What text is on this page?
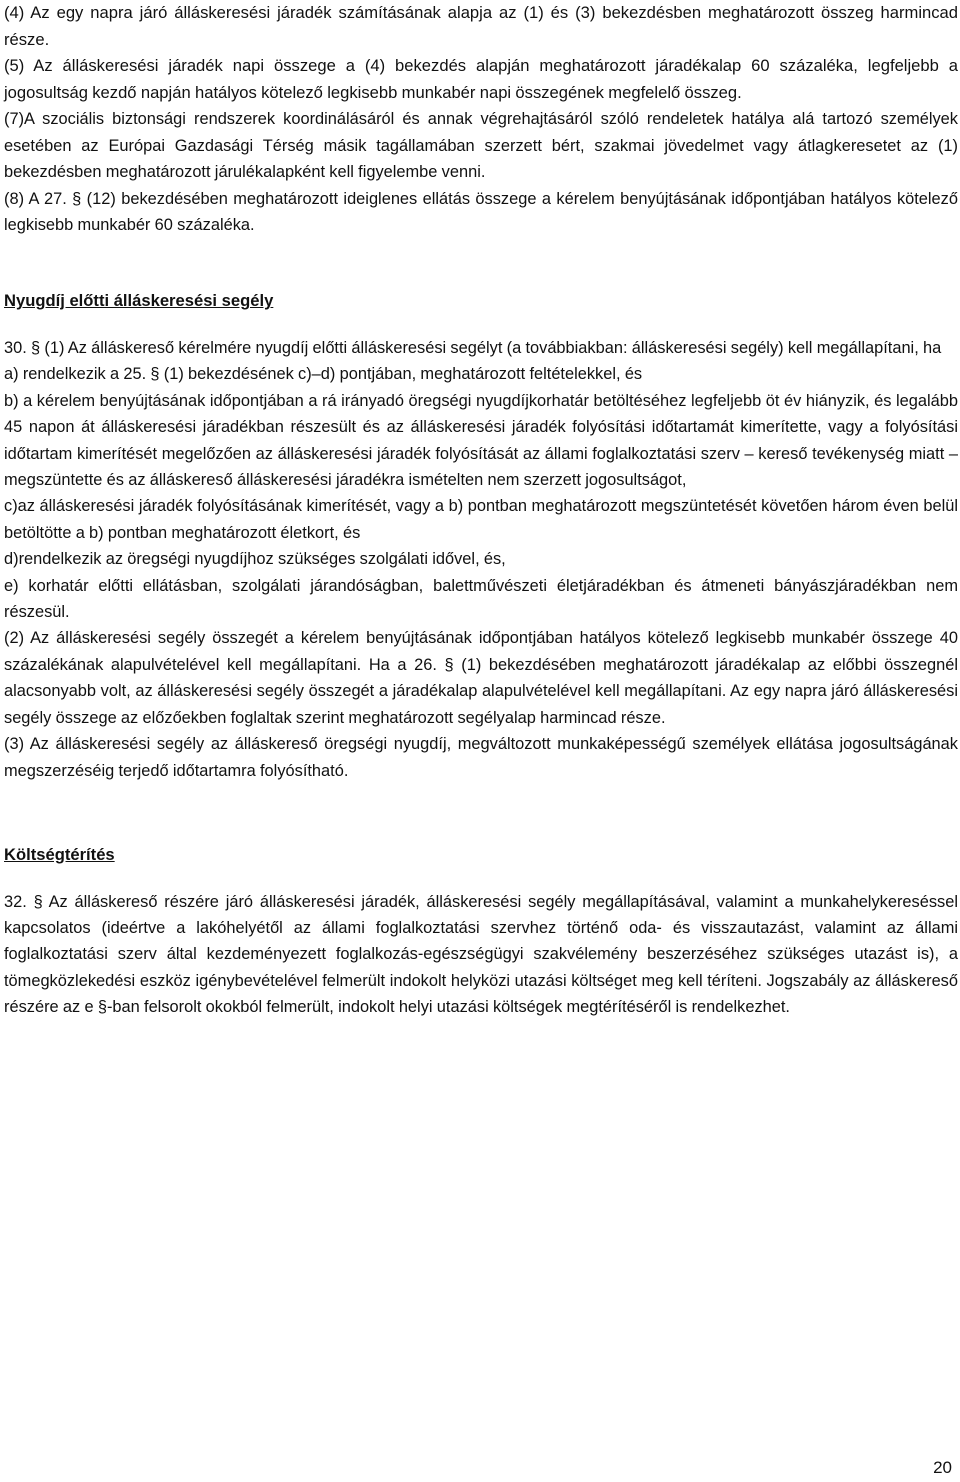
(4) Az egy napra járó álláskeresési járadék számításának alapja az (1) és (3) bekezdésben meghatározott összeg harmincad része.

(5) Az álláskeresési járadék napi összege a (4) bekezdés alapján meghatározott járadékalap 60 százaléka, legfeljebb a jogosultság kezdő napján hatályos kötelező legkisebb munkabér napi összegének megfelelő összeg.

(7)A szociális biztonsági rendszerek koordinálásáról és annak végrehajtásáról szóló rendeletek hatálya alá tartozó személyek esetében az Európai Gazdasági Térség másik tagállamában szerzett bért, szakmai jövedelmet vagy átlagkeresetet az (1) bekezdésben meghatározott járulékalapként kell figyelembe venni.

(8) A 27. § (12) bekezdésében meghatározott ideiglenes ellátás összege a kérelem benyújtásának időpontjában hatályos kötelező legkisebb munkabér 60 százaléka.

Nyugdíj előtti álláskeresési segély

30. § (1) Az álláskereső kérelmére nyugdíj előtti álláskeresési segélyt (a továbbiakban: álláskeresési segély) kell megállapítani, ha

a) rendelkezik a 25. § (1) bekezdésének c)–d) pontjában, meghatározott feltételekkel, és

b) a kérelem benyújtásának időpontjában a rá irányadó öregségi nyugdíjkorhatár betöltéséhez legfeljebb öt év hiányzik, és legalább 45 napon át álláskeresési járadékban részesült és az álláskeresési járadék folyósítási időtartamát kimerítette, vagy a folyósítási időtartam kimerítését megelőzően az álláskeresési járadék folyósítását az állami foglalkoztatási szerv – kereső tevékenység miatt – megszüntette és az álláskereső álláskeresési járadékra ismételten nem szerzett jogosultságot,

c)az álláskeresési járadék folyósításának kimerítését, vagy a b) pontban meghatározott megszüntetését követően három éven belül betöltötte a b) pontban meghatározott életkort, és

d)rendelkezik az öregségi nyugdíjhoz szükséges szolgálati idővel, és,

e) korhatár előtti ellátásban, szolgálati járandóságban, balettművészeti életjáradékban és átmeneti bányászjáradékban nem részesül.

(2) Az álláskeresési segély összegét a kérelem benyújtásának időpontjában hatályos kötelező legkisebb munkabér összege 40 százalékának alapulvételével kell megállapítani. Ha a 26. § (1) bekezdésében meghatározott járadékalap az előbbi összegnél alacsonyabb volt, az álláskeresési segély összegét a járadékalap alapulvételével kell megállapítani. Az egy napra járó álláskeresési segély összege az előzőekben foglaltak szerint meghatározott segélyalap harmincad része.

(3) Az álláskeresési segély az álláskereső öregségi nyugdíj, megváltozott munkaképességű személyek ellátása jogosultságának megszerzéséig terjedő időtartamra folyósítható.

Költségtérítés

32. § Az álláskereső részére járó álláskeresési járadék, álláskeresési segély megállapításával, valamint a munkahelykereséssel kapcsolatos (ideértve a lakóhelyétől az állami foglalkoztatási szervhez történő oda- és visszautazást, valamint az állami foglalkoztatási szerv által kezdeményezett foglalkozás-egészségügyi szakvélemény beszerzéséhez szükséges utazást is), a tömegközlekedési eszköz igénybevételével felmerült indokolt helyközi utazási költséget meg kell téríteni. Jogszabály az álláskereső részére az e §-ban felsorolt okokból felmerült, indokolt helyi utazási költségek megtérítéséről is rendelkezhet.

20
